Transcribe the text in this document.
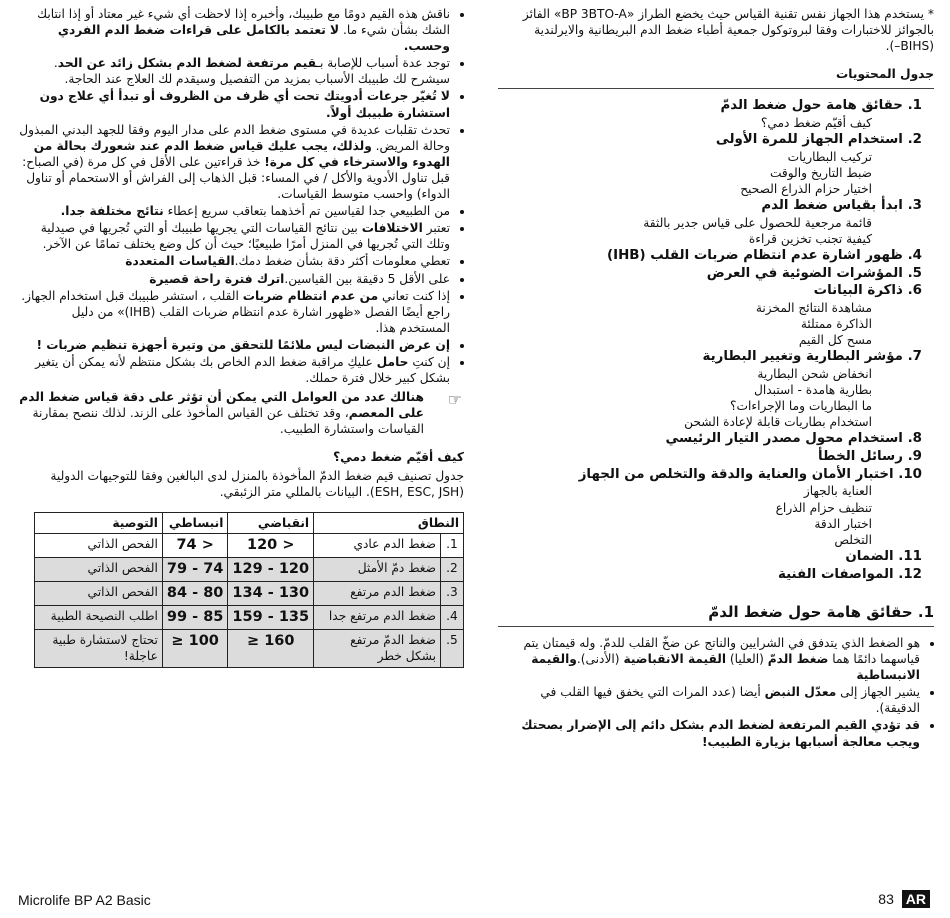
* يستخدم هذا الجهاز نفس تقنية القياس حيث يخضع الطراز «BP 3BTO-A» الفائز بالجوائز للاختبارات وفقا لبروتوكول جمعية أطباء ضغط الدم البريطانية والايرلندية (BIHS–).
جدول المحتويات
1. حقائق هامة حول ضغط الدمّ
كيف أقيّم ضغط دمي؟
2. استخدام الجهاز للمرة الأولى
تركيب البطاريات
ضبط التاريخ والوقت
اختيار حزام الذراع الصحيح
3. ابدأ بقياس ضغط الدم
قائمة مرجعية للحصول على قياس جدير بالثقة
كيفية تجنب تخزين قراءة
4. ظهور اشارة عدم انتظام ضربات القلب (IHB)
5. المؤشرات الضوئية في العرض
6. ذاكرة البيانات
مشاهدة النتائج المخزنة
الذاكرة ممتلئة
مسح كل القيم
7. مؤشر البطارية وتغيير البطارية
انخفاض شحن البطارية
بطارية هامدة - استبدال
ما البطاريات وما الإجراءات؟
استخدام بطاريات قابلة لإعادة الشحن
8. استخدام محول مصدر التيار الرئيسي
9. رسائل الخطأ
10. اختبار الأمان والعناية والدقة والتخلص من الجهاز
العناية بالجهاز
تنظيف حزام الذراع
اختبار الدقة
التخلص
11. الضمان
12. المواصفات الفنية
1. حقائق هامة حول ضغط الدمّ
• هو الضغط الذي يتدفق في الشرايين والناتج عن ضخّ القلب للدمّ. وله قيمتان يتم قياسهما دائمًا هما ضغط الدمّ (العليا) القيمة الانقباضية (الأدنى).والقيمة الانبساطية
• يشير الجهاز إلى معدّل النبض أيضا (عدد المرات التي يخفق فيها القلب في الدقيقة).
• قد تؤدي القيم المرتفعة لضغط الدم بشكل دائم إلى الإضرار بصحتك ويجب معالجة أسبابها بزيارة الطبيب!
• ناقش هذه القيم دومًا مع طبيبك، وأخبره إذا لاحظت أي شيء غير معتاد أو إذا انتابك الشك بشأن شيء ما. لا تعتمد بالكامل على قراءات ضغط الدم الفردي وحسب.
• توجد عدة أسباب للإصابة بـقيم مرتفعة لضغط الدم بشكل زائد عن الحد. سيشرح لك طبيبك الأسباب بمزيد من التفصيل وسيقدم لك العلاج عند الحاجة.
• لا تُغيّر جرعات أدويتك تحت أي ظرف من الظروف أو تبدأ أي علاج دون استشارة طبيبك أولاً.
• تحدث تقلبات عديدة في مستوى ضغط الدم على مدار اليوم وفقا للجهد البدني المبذول وحالة المريض. ولذلك، يجب عليك قياس ضغط الدم عند شعورك بحالة من الهدوء والاسترخاء في كل مرة! خذ قراءتين على الأقل في كل مرة (في الصباح: قبل تناول الأدوية والأكل / في المساء: قبل الذهاب إلى الفراش أو الاستحمام أو تناول الدواء) واحسب متوسط القياسات.
• من الطبيعي جدا لقياسين تم أخذهما بتعاقب سريع إعطاء نتائج مختلفة جدا.
• تعتبر الاختلافات بين نتائج القياسات التي يجريها طبيبك أو التي تُجريها في صيدلية وتلك التي تُجريها في المنزل أمرًا طبيعيًا؛ حيث أن كل وضع يختلف تمامًا عن الآخر.
• تعطي معلومات أكثر دقة بشأن ضغط دمك.القياسات المتعددة
• على الأقل 5 دقيقة بين القياسين.اترك فترة راحة قصيرة
• إذا كنت تعاني من عدم انتظام ضربات القلب ، استشر طبيبك قبل استخدام الجهاز. راجع أيضًا الفصل «ظهور اشارة عدم انتظام ضربات القلب (IHB)» من دليل المستخدم هذا.
• إن عرض النبضات ليس ملائمًا للتحقق من وتيرة أجهزة تنظيم ضربات !
• إن كنتِ حامل عليكِ مراقبة ضغط الدم الخاص بك بشكل منتظم لأنه يمكن أن يتغير بشكل كبير خلال فترة حملك.
☞
هنالك عدد من العوامل التي يمكن أن تؤثر على دقة قياس ضغط الدم على المعصم، وقد تختلف عن القياس المأخوذ على الزند. لذلك ننصح بمقارنة القياسات واستشارة الطبيب.
كيف أقيّم ضغط دمي؟
جدول تصنيف قيم ضغط الدمّ المأخوذة بالمنزل لدى البالغين وفقا للتوجيهات الدولية (ESH, ESC, JSH). البيانات بالمللي متر الزئبقي.
النطاق		انقباضي	انبساطي	التوصية
1.	ضغط الدم عادي	< 120	< 74	الفحص الذاتي
2.	ضغط دمّ الأمثل	120 - 129	74 - 79	الفحص الذاتي
3.	ضغط الدم مرتفع	130 - 134	80 - 84	الفحص الذاتي
4.	ضغط الدم مرتفع جدا	135 - 159	85 - 99	اطلب النصيحة الطبية
5.	ضغط الدمّ مرتفع بشكل خطر	160 ≤	100 ≤	تحتاج لاستشارة طبية عاجلة!
Microlife BP A2 Basic	83 AR
